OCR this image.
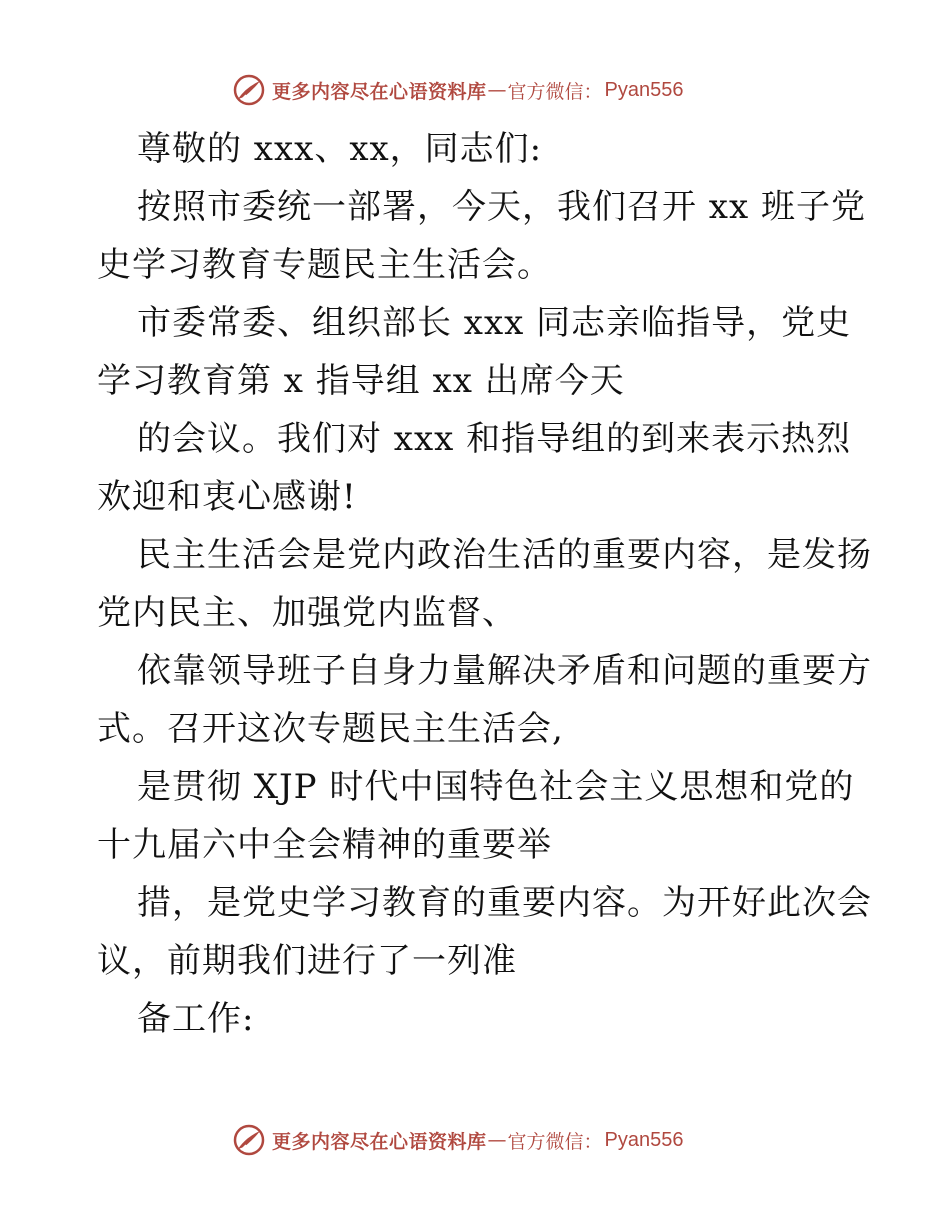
更多内容尽在心语资料库 — 官方微信： Pyan556
尊敬的 xxx、xx，同志们:
按照市委统一部署，今天，我们召开 xx 班子党
史学习教育专题民主生活会。
市委常委、组织部长 xxx 同志亲临指导，党史
学习教育第 x 指导组 xx 出席今天
的会议。我们对 xxx 和指导组的到来表示热烈
欢迎和衷心感谢!
民主生活会是党内政治生活的重要内容，是发扬
党内民主、加强党内监督、
依靠领导班子自身力量解决矛盾和问题的重要方
式。召开这次专题民主生活会,
是贯彻 XJP 时代中国特色社会主义思想和党的
十九届六中全会精神的重要举
措，是党史学习教育的重要内容。为开好此次会
议，前期我们进行了一列准
备工作:
更多内容尽在心语资料库 — 官方微信： Pyan556
